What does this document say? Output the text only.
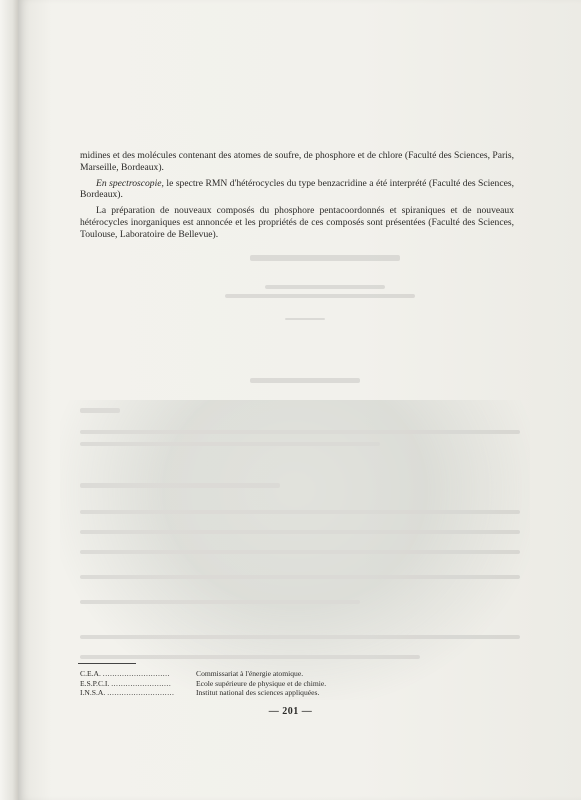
midines et des molécules contenant des atomes de soufre, de phosphore et de chlore (Faculté des Sciences, Paris, Marseille, Bordeaux).

En spectroscopie, le spectre RMN d'hétérocycles du type benzacridine a été interprété (Faculté des Sciences, Bordeaux).

La préparation de nouveaux composés du phosphore pentacoordonnés et spiraniques et de nouveaux hétérocycles inorganiques est annoncée et les propriétés de ces composés sont présentées (Faculté des Sciences, Toulouse, Laboratoire de Bellevue).

C.E.A. ............................	Commissariat à l'énergie atomique.
E.S.P.C.I. .........................	Ecole supérieure de physique et de chimie.
I.N.S.A. ............................	Institut national des sciences appliquées.
— 201 —
